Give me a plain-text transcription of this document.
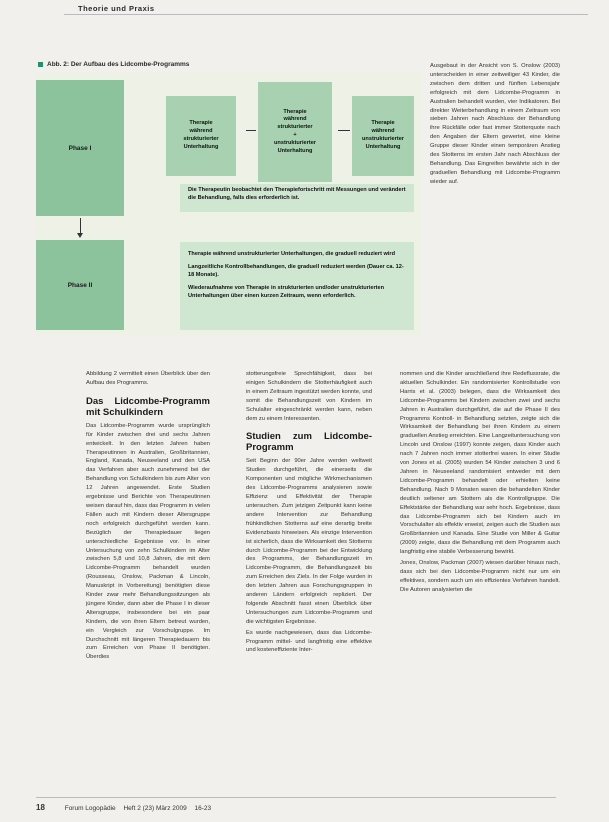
Theorie und Praxis
Abb. 2: Der Aufbau des Lidcombe-Programms
Phase I
Therapie
während
strukturierter
Unterhaltung
Therapie
während
strukturierter
+
unstrukturierter
Unterhaltung
Therapie
während
unstrukturierter
Unterhaltung
Die Therapeutin beobachtet den Therapiefortschritt mit Messungen und verändert die Behandlung, falls dies erforderlich ist.
Phase II
Therapie während unstrukturierter Unterhaltungen, die graduell reduziert wird
Langzeitliche Kontrollbehandlungen, die graduell reduziert werden (Dauer ca. 12-18 Monate).
Wiederaufnahme von Therapie in strukturierten und/oder unstrukturierten Unterhaltungen über einen kurzen Zeitraum, wenn erforderlich.

Ausgebaut in der Ansicht von S. Onslow (2003) unterscheiden in einer zeitweiliger 43 Kinder, die zwischen dem dritten und fünften Lebensjahr erfolgreich mit dem Lidcombe-Programm in Australien behandelt wurden, vier Indikatoren. Bei direkter Weiterbehandlung in einem Zeitraum von sieben Jahren nach Abschluss der Behandlung ihre Rückfälle oder fast immer Stotterquote nach den Angaben der Eltern gewertet, eine kleine Gruppe dieser Kinder einen temporären Anstieg des Stotterns im ersten Jahr nach Abschluss der Behandlung. Das Eingreifen bewährte sich in der graduellen Behandlung mit Lidcombe-Programm wieder auf.

Abbildung 2 vermittelt einen Überblick über den Aufbau des Programms.

Das Lidcombe-Programm mit Schulkindern

Das Lidcombe-Programm wurde ursprünglich für Kinder zwischen drei und sechs Jahren entwickelt. In den letzten Jahren haben Therapeutinnen in Australien, Großbritannien, England, Kanada, Neuseeland und den USA das Verfahren aber auch zunehmend bei der Behandlung von Schulkindern bis zum Alter von 12 Jahren angewendet. Erste Studien ergebnisse und Berichte von Therapeutinnen weisen darauf hin, dass das Programm in vielen Fällen auch mit Kindern dieser Altersgruppe noch erfolgreich durchgeführt werden kann. Bezüglich der Therapiedauer liegen unterschiedliche Ergebnisse vor. In einer Untersuchung von zehn Schulkindern im Alter zwischen 5,8 und 10,8 Jahren, die mit dem Lidcombe-Programm behandelt wurden (Rousseau, Onslow, Packman & Lincoln, Manuskript in Vorbereitung) benötigten diese Kinder zwar mehr Behandlungssitzungen als jüngere Kinder, dann aber die Phase I in dieser Altersgruppe, insbesondere bei ein paar Kindern, die von ihren Eltern betreut wurden, ein Vergleich zur Vorschulgruppe. Im Durchschnitt mit längeren Therapiedauern bis zum Erreichen von Phase II benötigten. Überdies

stotterungsfreie Sprechfähigkeit, dass bei einigen Schulkindern die Stotterhäufigkeit auch in einem Zeitraum ingestützt werden konnte, und somit die Behandlungszeit von Kindern im Schulalter eingeschränkt werden kann, neben dem zu einem Interessenten.

Studien zum Lidcombe-Programm

Seit Beginn der 90er Jahre werden weltweit Studien durchgeführt, die einerseits die Komponenten und mögliche Wirkmechanismen des Lidcombe-Programms analysieren sowie Effizienz und Effektivität der Therapie untersuchen. Zum jetzigen Zeitpunkt kann keine andere Intervention zur Behandlung frühkindlichen Stotterns auf eine derartig breite Evidenzbasis hinweisen. Als einzige Intervention ist sicherlich, dass die Wirksamkeit des Stotterns durch Lidcombe-Programm bei der Entwicklung des Programms, der Behandlungszeit im Lidcombe-Programm, die Behandlungszeit bis zum Erreichen des Ziels. In der Folge wurden in den letzten Jahren aus Forschungsgruppen in anderen Ländern erfolgreich repliziert. Der folgende Abschnitt fasst einen Überblick über Untersuchungen zum Lidcombe-Programm und die wichtigsten Ergebnisse.

Es wurde nachgewiesen, dass das Lidcombe-Programm mittel- und langfristig eine effektive und kosteneffiziente Inter-

nommen und die Kinder anschließend ihre Redeflussrate, die aktuellen Schulkinder. Ein randomisierter Kontrollstudie von Harris et al. (2003) belegen, dass die Wirksamkeit des Lidcombe-Programms bei Kindern zwischen zwei und sechs Jahren in Australien durchgeführt, die auf die Phase II des Programms Kontroll- in Behandlung setzten, zeigte sich die Wirksamkeit der Behandlung bei ihren Kindern zu einem graduellen Anstieg erreichten. Eine Langzeituntersuchung von Lincoln und Onslow (1997) konnte zeigen, dass Kinder auch nach 7 Jahren noch immer stotterfrei waren. In einer Studie von Jones et al. (2005) wurden 54 Kinder zwischen 3 und 6 Jahren in Neuseeland randomisiert entweder mit dem Lidcombe-Programm behandelt oder erhielten keine Behandlung. Nach 9 Monaten waren die behandelten Kinder deutlich seltener am Stottern als die Kontrollgruppe. Die Effektstärke der Behandlung war sehr hoch. Ergebnisse, dass das Lidcombe-Programm sich bei Kindern auch im Vorschulalter als effektiv erweist, zeigen auch die Studien aus Großbritannien und Kanada. Eine Studie von Miller & Guitar (2009) zeigte, dass die Behandlung mit dem Programm auch langfristig eine stabile Verbesserung bewirkt.

Jones, Onslow, Packman (2007) wiesen darüber hinaus nach, dass sich bei den Lidcombe-Programm nicht nur um ein effektives, sondern auch um ein effizientes Verfahren handelt. Die Autoren analysierten die

18	Forum Logopädie Heft 2 (23) März 2009 16-23
